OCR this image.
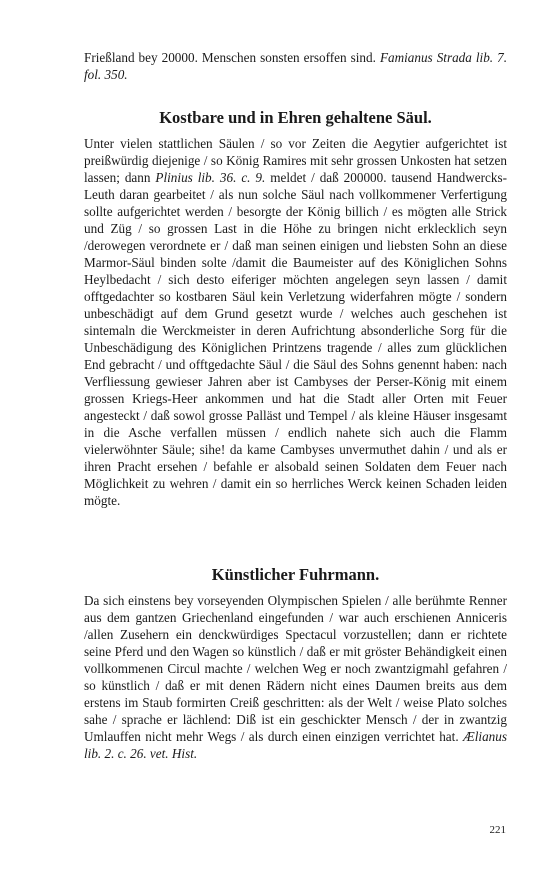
Frießland bey 20000. Menschen sonsten ersoffen sind. Famianus Strada lib. 7. fol. 350.

Kostbare und in Ehren gehaltene Säul.

Unter vielen stattlichen Säulen / so vor Zeiten die Aegytier aufgerichtet ist preißwürdig diejenige / so König Ramires mit sehr grossen Unkosten hat setzen lassen; dann Plinius lib. 36. c. 9. meldet / daß 200000. tausend Handwercks-Leuth daran gearbeitet / als nun solche Säul nach vollkommener Verfertigung sollte aufgerichtet werden / besorgte der König billich / es mögten alle Strick und Züg / so grossen Last in die Höhe zu bringen nicht erklecklich seyn /derowegen verordnete er / daß man seinen einigen und liebsten Sohn an diese Marmor-Säul binden solte /damit die Baumeister auf des Königlichen Sohns Heylbedacht / sich desto eiferiger möchten angelegen seyn lassen / damit offtgedachter so kostbaren Säul kein Verletzung widerfahren mögte / sondern unbeschädigt auf dem Grund gesetzt wurde / welches auch geschehen ist sintemaln die Werckmeister in deren Aufrichtung absonderliche Sorg für die Unbeschädigung des Königlichen Printzens tragende / alles zum glücklichen End gebracht / und offtgedachte Säul / die Säul des Sohns genennt haben: nach Verfliessung gewieser Jahren aber ist Cambyses der Perser-König mit einem grossen Kriegs-Heer ankommen und hat die Stadt aller Orten mit Feuer angesteckt / daß sowol grosse Palläst und Tempel / als kleine Häuser insgesamt in die Asche verfallen müssen / endlich nahete sich auch die Flamm vielerwöhnter Säule; sihe! da kame Cambyses unvermuthet dahin / und als er ihren Pracht ersehen / befahle er alsobald seinen Soldaten dem Feuer nach Möglichkeit zu wehren / damit ein so herrliches Werck keinen Schaden leiden mögte.

Künstlicher Fuhrmann.

Da sich einstens bey vorseyenden Olympischen Spielen / alle berühmte Renner aus dem gantzen Griechenland eingefunden / war auch erschienen Anniceris /allen Zusehern ein denckwürdiges Spectacul vorzustellen; dann er richtete seine Pferd und den Wagen so künstlich / daß er mit gröster Behändigkeit einen vollkommenen Circul machte / welchen Weg er noch zwantzigmahl gefahren / so künstlich / daß er mit denen Rädern nicht eines Daumen breits aus dem erstens im Staub formirten Creiß geschritten: als der Welt / weise Plato solches sahe / sprache er lächlend: Diß ist ein geschickter Mensch / der in zwantzig Umlauffen nicht mehr Wegs / als durch einen einzigen verrichtet hat. Ælianus lib. 2. c. 26. vet. Hist.

221
